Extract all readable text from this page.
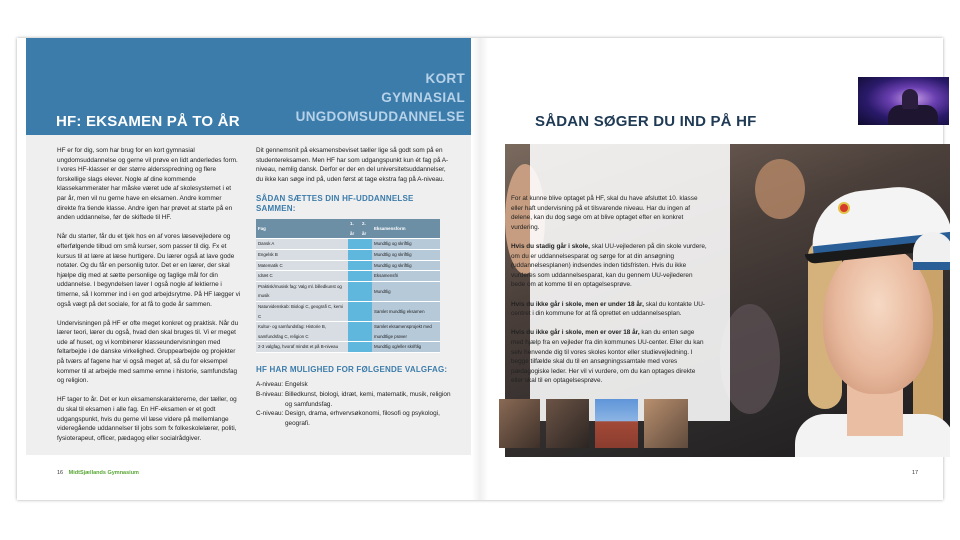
KORT
GYMNASIAL
UNGDOMSUDDANNELSE
HF: EKSAMEN PÅ TO ÅR

HF er for dig, som har brug for en kort gymnasial ungdomsuddannelse og gerne vil prøve en lidt anderledes form. I vores HF-klasser er der større aldersspredning og flere forskellige slags elever. Nogle af dine kommende klassekammerater har måske været ude af skolesystemet i et par år, men vil nu gerne have en eksamen. Andre kommer direkte fra tiende klasse. Andre igen har prøvet at starte på en anden uddannelse, før de skiftede til HF.

Når du starter, får du et tjek hos en af vores læsevejledere og efterfølgende tilbud om små kurser, som passer til dig. Fx et kursus til at lære at læse hurtigere. Du lærer også at lave gode notater. Og du får en personlig tutor. Det er en lærer, der skal hjælpe dig med at sætte personlige og faglige mål for din uddannelse. I begyndelsen laver I også nogle af lektierne i timerne, så I kommer ind i en god arbejdsrytme. På HF lægger vi også vægt på det sociale, for at få to gode år sammen.

Undervisningen på HF er ofte meget konkret og praktisk. Når du lærer teori, lærer du også, hvad den skal bruges til. Vi er meget ude af huset, og vi kombinerer klasseundervisningen med feltarbejde i de danske virkelighed. Gruppearbejde og projekter på tværs af fagene har vi også meget af, så du for eksempel kommer til at arbejde med samme emne i historie, samfundsfag og religion.

HF tager to år. Det er kun eksamenskaraktererne, der tæller, og du skal til eksamen i alle fag. En HF-eksamen er et godt udgangspunkt, hvis du gerne vil læse videre på mellemlange videregående uddannelser til jobs som fx folkeskolelærer, politi, fysioterapeut, officer, pædagog eller socialrådgiver.

Dit gennemsnit på eksamensbeviset tæller lige så godt som på en studentereksamen. Men HF har som udgangspunkt kun ét fag på A-niveau, nemlig dansk. Derfor er der en del universitetsuddannelser, du ikke kan søge ind på, uden først at tage ekstra fag på A-niveau.

SÅDAN SÆTTES DIN HF-UDDANNELSE SAMMEN:
Fag	1. år	2. år	Eksamensform
Dansk A			Mundtlig og skriftlig
Engelsk B			Mundtlig og skriftlig
Matematik C			Mundtlig og skriftlig
Idræt C			Eksamensfri
Praktisk/musisk fag: Valg ml. billedkunst og musik			Mundtlig
Naturvidenskab: Biologi C, geografi C, kemi C			Samlet mundtlig eksamen
Kultur- og samfundsfag: Historie B, samfundsfag C, religion C			Samlet eksamensprojekt med mundtlige prøver
2-3 valgfag, hvoraf mindst et på B-niveau			Mundtlig og/eller skriftlig
HF HAR MULIGHED FOR FØLGENDE VALGFAG:
A-niveau: Engelsk
B-niveau: Billedkunst, biologi, idræt, kemi, matematik, musik, religion og samfundsfag.
C-niveau: Design, drama, erhvervsøkonomi, filosofi og psykologi, geografi.
16 MidtSjællands Gymnasium
SÅDAN SØGER DU IND PÅ HF

For at kunne blive optaget på HF, skal du have afsluttet 10. klasse eller haft undervisning på et tilsvarende niveau. Har du ingen af delene, kan du dog søge om at blive optaget efter en konkret vurdering.

Hvis du stadig går i skole, skal UU-vejlederen på din skole vurdere, om du er uddannelsesparat og sørge for at din ansøgning (uddannelsesplanen) indsendes inden tidsfristen. Hvis du ikke vurderes som uddannelsesparat, kan du gennem UU-vejlederen bede om at komme til en optagelsesprøve.

Hvis du ikke går i skole, men er under 18 år, skal du kontakte UU-centret i din kommune for at få oprettet en uddannelsesplan.

Hvis du ikke går i skole, men er over 18 år, kan du enten søge med hjælp fra en vejleder fra din kommunes UU-center. Eller du kan selv henvende dig til vores skoles kontor eller studievejledning. I begge tilfælde skal du til en ansøgningssamtale med vores pædagogiske leder. Her vil vi vurdere, om du kan optages direkte eller skal til en optagelsesprøve.

17
